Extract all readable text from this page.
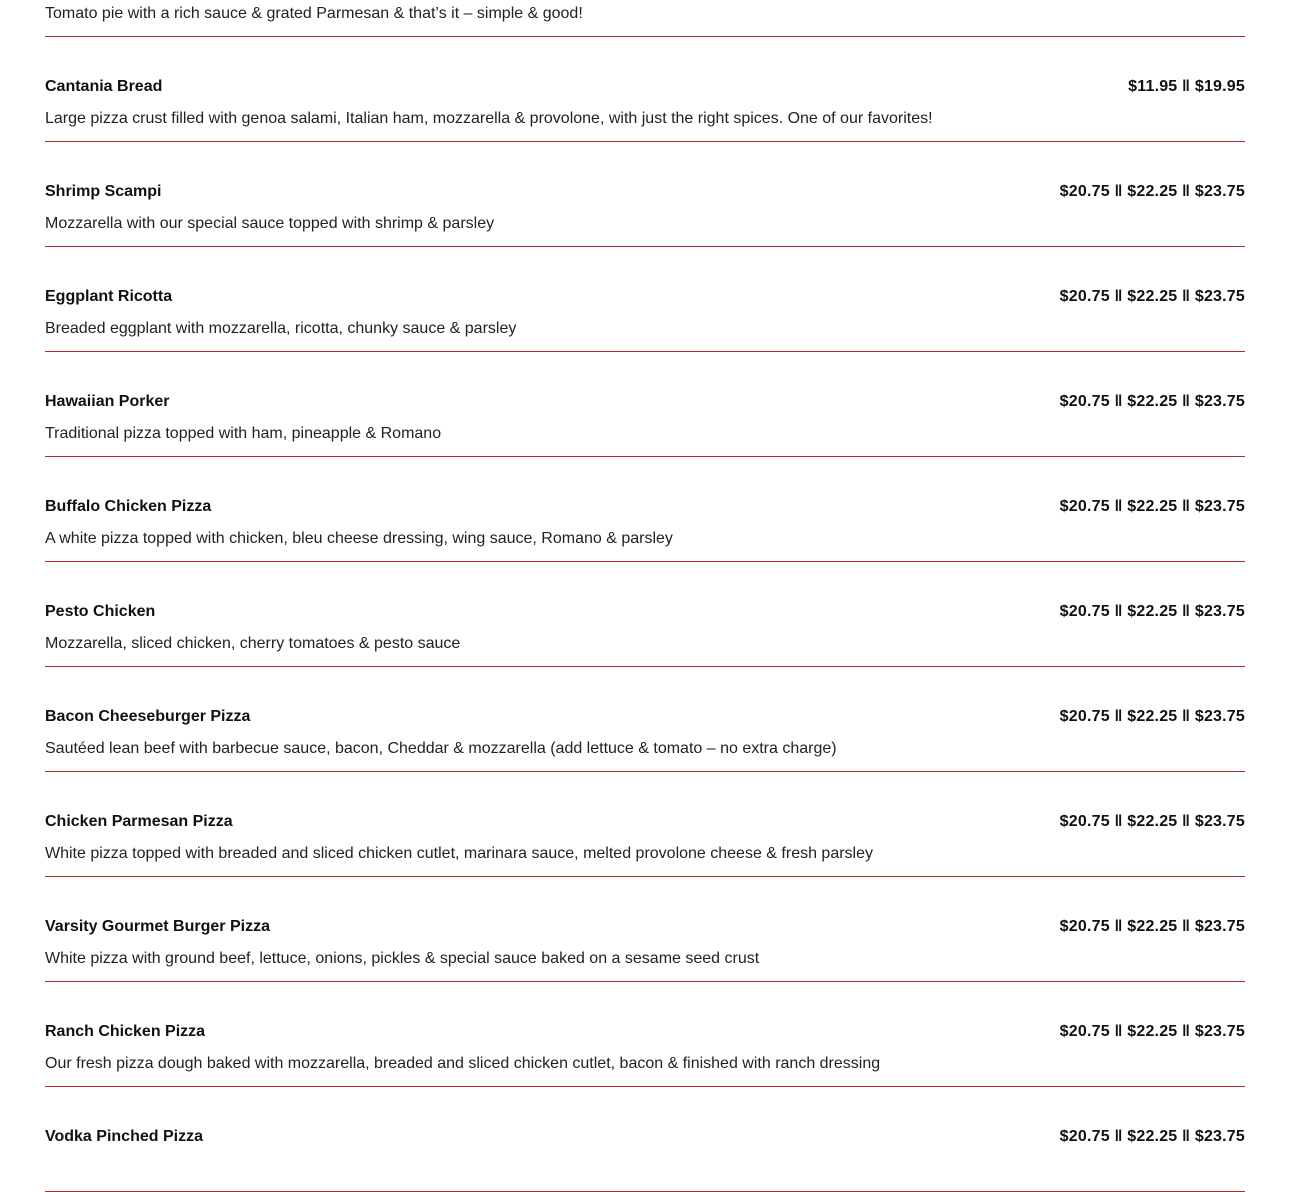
Tomato pie with a rich sauce & grated Parmesan & that’s it – simple & good!
Cantania Bread	$11.95 ‖ $19.95
Large pizza crust filled with genoa salami, Italian ham, mozzarella & provolone, with just the right spices. One of our favorites!
Shrimp Scampi	$20.75 ‖ $22.25 ‖ $23.75
Mozzarella with our special sauce topped with shrimp & parsley
Eggplant Ricotta	$20.75 ‖ $22.25 ‖ $23.75
Breaded eggplant with mozzarella, ricotta, chunky sauce & parsley
Hawaiian Porker	$20.75 ‖ $22.25 ‖ $23.75
Traditional pizza topped with ham, pineapple & Romano
Buffalo Chicken Pizza	$20.75 ‖ $22.25 ‖ $23.75
A white pizza topped with chicken, bleu cheese dressing, wing sauce, Romano & parsley
Pesto Chicken	$20.75 ‖ $22.25 ‖ $23.75
Mozzarella, sliced chicken, cherry tomatoes & pesto sauce
Bacon Cheeseburger Pizza	$20.75 ‖ $22.25 ‖ $23.75
Sautéed lean beef with barbecue sauce, bacon, Cheddar & mozzarella (add lettuce & tomato – no extra charge)
Chicken Parmesan Pizza	$20.75 ‖ $22.25 ‖ $23.75
White pizza topped with breaded and sliced chicken cutlet, marinara sauce, melted provolone cheese & fresh parsley
Varsity Gourmet Burger Pizza	$20.75 ‖ $22.25 ‖ $23.75
White pizza with ground beef, lettuce, onions, pickles & special sauce baked on a sesame seed crust
Ranch Chicken Pizza	$20.75 ‖ $22.25 ‖ $23.75
Our fresh pizza dough baked with mozzarella, breaded and sliced chicken cutlet, bacon & finished with ranch dressing
Vodka Pinched Pizza	$20.75 ‖ $22.25 ‖ $23.75
